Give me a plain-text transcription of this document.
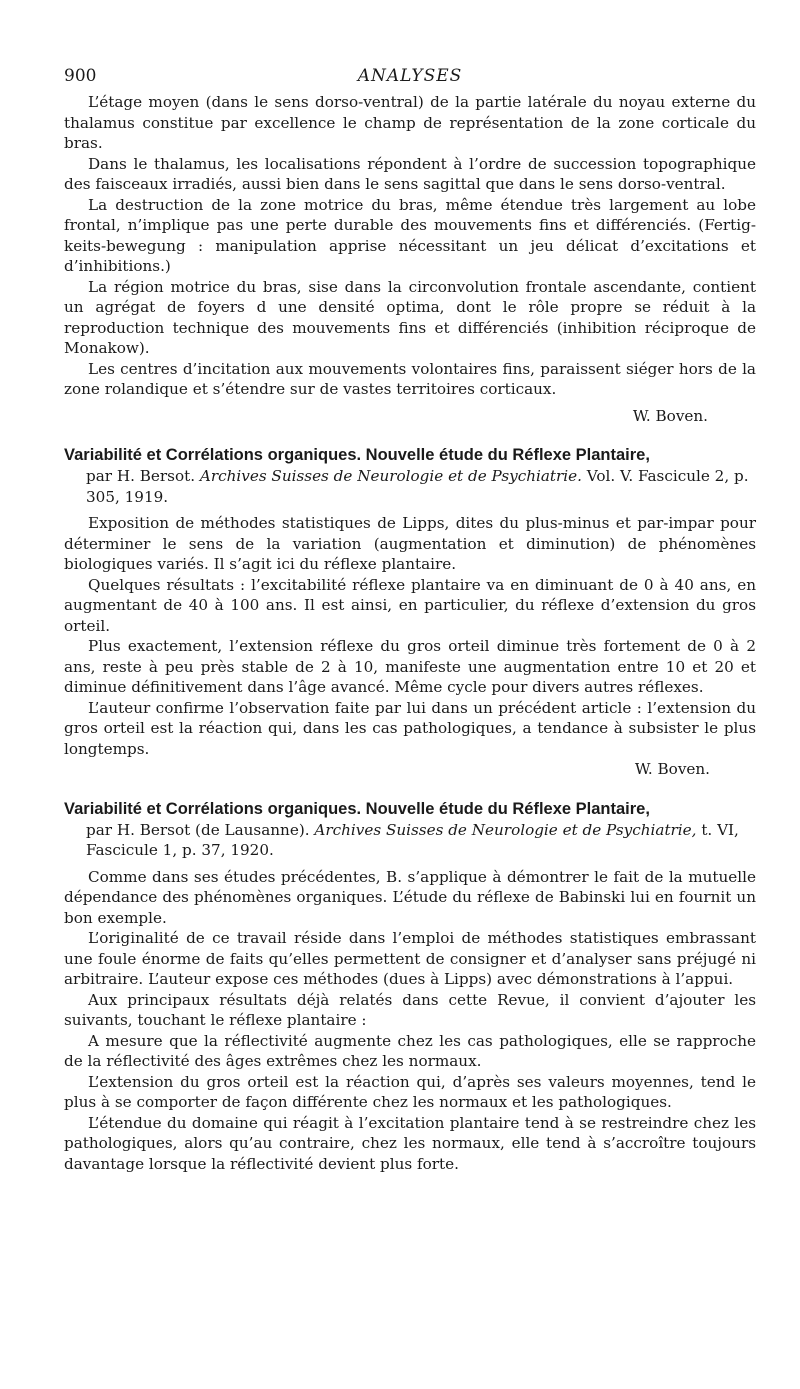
900	ANALYSES

L’étage moyen (dans le sens dorso-ventral) de la partie latérale du noyau externe du thalamus constitue par excellence le champ de représentation de la zone corticale du bras.

Dans le thalamus, les localisations répondent à l’ordre de succession topographique des faisceaux irradiés, aussi bien dans le sens sagittal que dans le sens dorso-ventral.

La destruction de la zone motrice du bras, même étendue très largement au lobe frontal, n’implique pas une perte durable des mouvements fins et différenciés. (Fertig-keits-bewegung : manipulation apprise nécessitant un jeu délicat d’excitations et d’inhibitions.)

La région motrice du bras, sise dans la circonvolution frontale ascendante, contient un agrégat de foyers d une densité optima, dont le rôle propre se réduit à la reproduction technique des mouvements fins et différenciés (inhibition réciproque de Monakow).

Les centres d’incitation aux mouvements volontaires fins, paraissent siéger hors de la zone rolandique et s’étendre sur de vastes territoires corticaux.

W. Boven.
Variabilité et Corrélations organiques. Nouvelle étude du Réflexe Plantaire,
par H. Bersot. Archives Suisses de Neurologie et de Psychiatrie. Vol. V. Fascicule 2, p. 305, 1919.

Exposition de méthodes statistiques de Lipps, dites du plus-minus et par-impar pour déterminer le sens de la variation (augmentation et diminution) de phénomènes biologiques variés. Il s’agit ici du réflexe plantaire.

Quelques résultats : l’excitabilité réflexe plantaire va en diminuant de 0 à 40 ans, en augmentant de 40 à 100 ans. Il est ainsi, en particulier, du réflexe d’extension du gros orteil.

Plus exactement, l’extension réflexe du gros orteil diminue très fortement de 0 à 2 ans, reste à peu près stable de 2 à 10, manifeste une augmentation entre 10 et 20 et diminue définitivement dans l’âge avancé. Même cycle pour divers autres réflexes.

L’auteur confirme l’observation faite par lui dans un précédent article : l’extension du gros orteil est la réaction qui, dans les cas pathologiques, a tendance à subsister le plus longtemps.

W. Boven.
Variabilité et Corrélations organiques. Nouvelle étude du Réflexe Plantaire,
par H. Bersot (de Lausanne). Archives Suisses de Neurologie et de Psychiatrie, t. VI, Fascicule 1, p. 37, 1920.

Comme dans ses études précédentes, B. s’applique à démontrer le fait de la mutuelle dépendance des phénomènes organiques. L’étude du réflexe de Babinski lui en fournit un bon exemple.

L’originalité de ce travail réside dans l’emploi de méthodes statistiques embrassant une foule énorme de faits qu’elles permettent de consigner et d’analyser sans préjugé ni arbitraire. L’auteur expose ces méthodes (dues à Lipps) avec démonstrations à l’appui.

Aux principaux résultats déjà relatés dans cette Revue, il convient d’ajouter les suivants, touchant le réflexe plantaire :

A mesure que la réflectivité augmente chez les cas pathologiques, elle se rapproche de la réflectivité des âges extrêmes chez les normaux.

L’extension du gros orteil est la réaction qui, d’après ses valeurs moyennes, tend le plus à se comporter de façon différente chez les normaux et les pathologiques.

L’étendue du domaine qui réagit à l’excitation plantaire tend à se restreindre chez les pathologiques, alors qu’au contraire, chez les normaux, elle tend à s’accroître toujours davantage lorsque la réflectivité devient plus forte.
